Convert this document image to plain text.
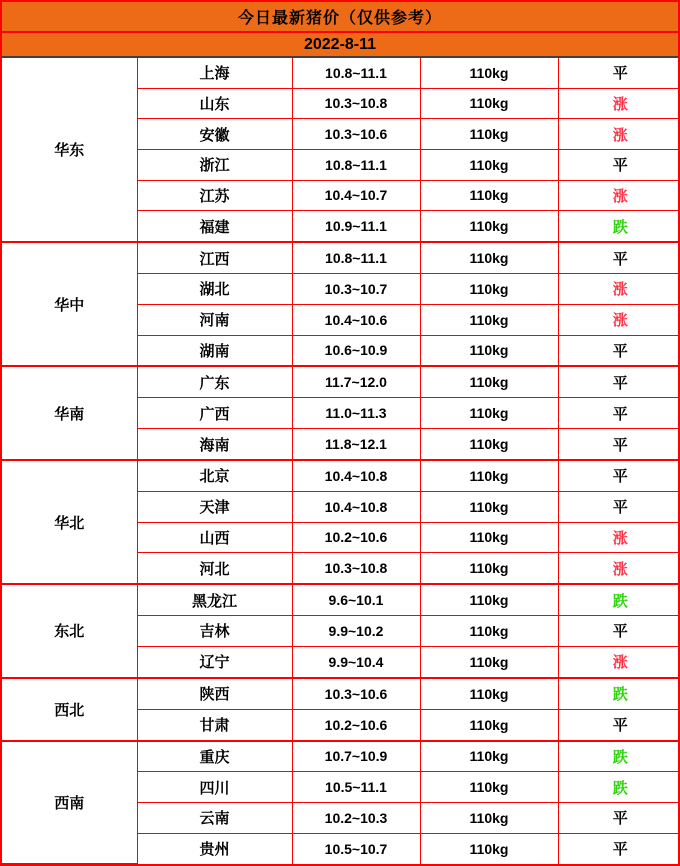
今日最新猪价（仅供参考）
2022-8-11
华东	上海	10.8~11.1	110kg	平
	山东	10.3~10.8	110kg	涨
	安徽	10.3~10.6	110kg	涨
	浙江	10.8~11.1	110kg	平
	江苏	10.4~10.7	110kg	涨
	福建	10.9~11.1	110kg	跌
华中	江西	10.8~11.1	110kg	平
	湖北	10.3~10.7	110kg	涨
	河南	10.4~10.6	110kg	涨
	湖南	10.6~10.9	110kg	平
华南	广东	11.7~12.0	110kg	平
	广西	11.0~11.3	110kg	平
	海南	11.8~12.1	110kg	平
华北	北京	10.4~10.8	110kg	平
	天津	10.4~10.8	110kg	平
	山西	10.2~10.6	110kg	涨
	河北	10.3~10.8	110kg	涨
东北	黑龙江	9.6~10.1	110kg	跌
	吉林	9.9~10.2	110kg	平
	辽宁	9.9~10.4	110kg	涨
西北	陕西	10.3~10.6	110kg	跌
	甘肃	10.2~10.6	110kg	平
西南	重庆	10.7~10.9	110kg	跌
	四川	10.5~11.1	110kg	跌
	云南	10.2~10.3	110kg	平
	贵州	10.5~10.7	110kg	平
